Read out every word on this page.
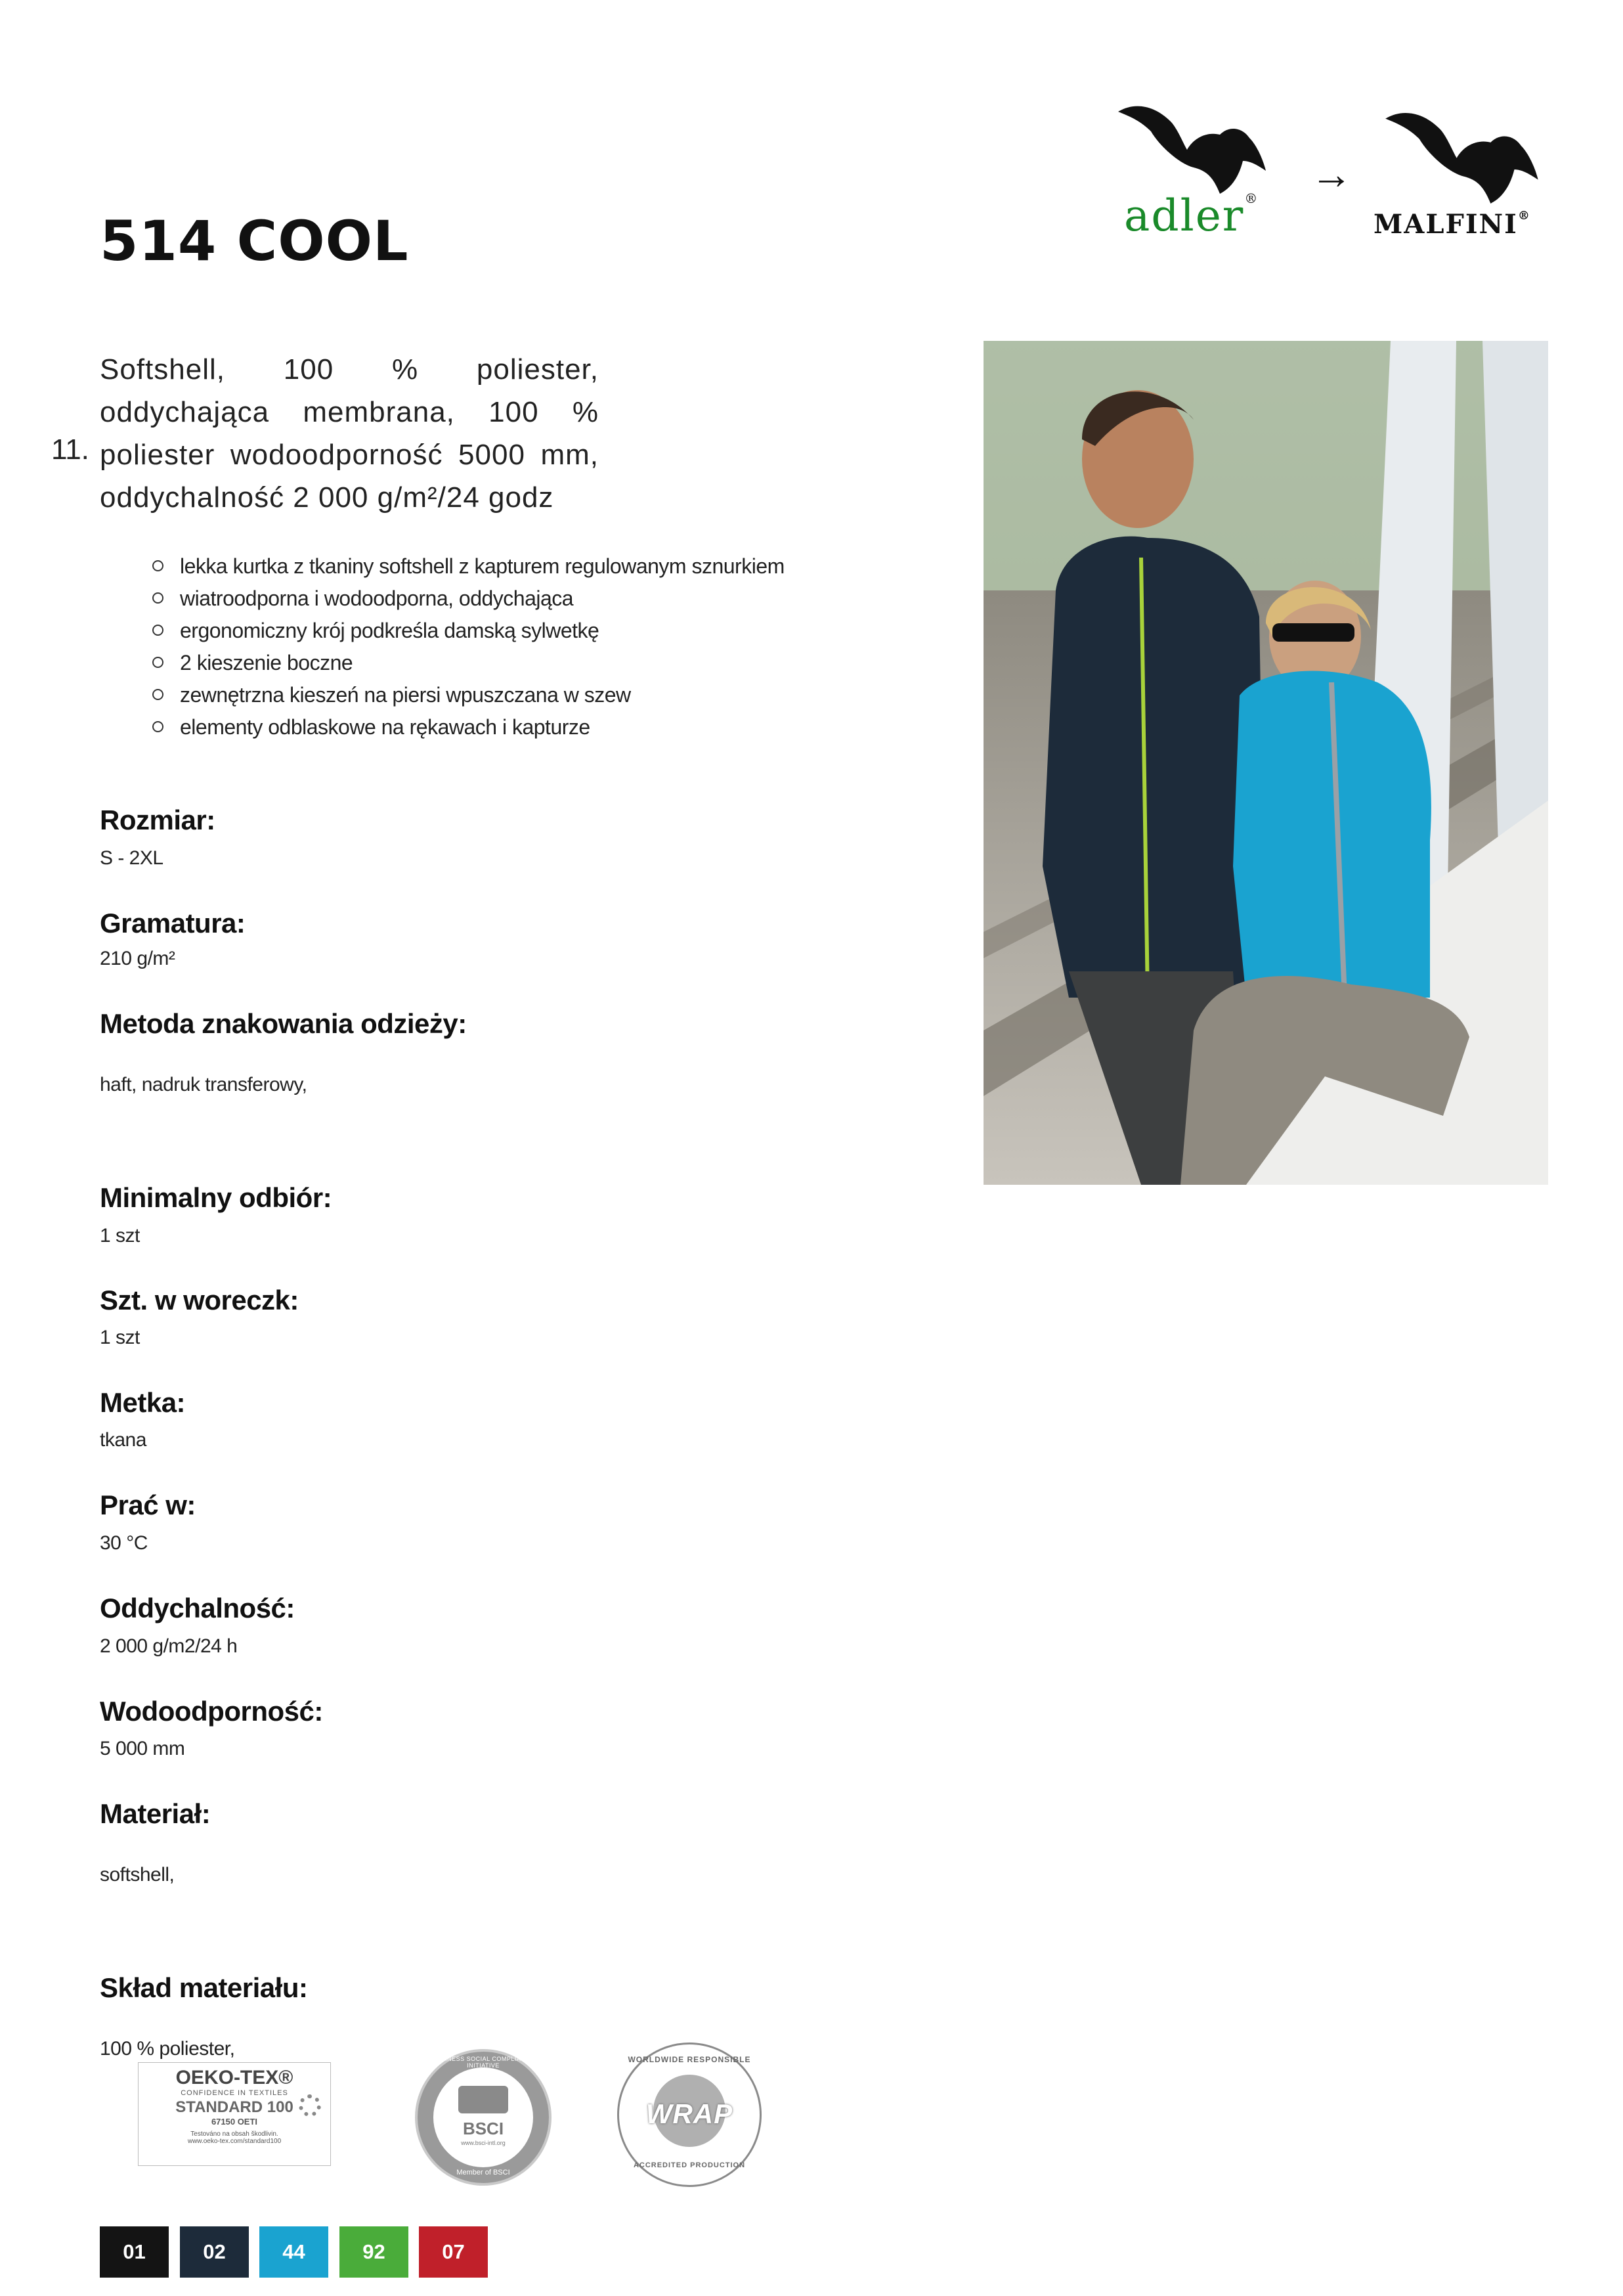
adler®
→
MALFINI®
514 COOL
11.
Softshell, 100 % poliester, oddychająca membrana, 100 % poliester wodoodporność 5000 mm, oddychalność 2 000 g/m²/24 godz
lekka kurtka z tkaniny softshell z kapturem regulowanym sznurkiem
wiatroodporna i wodoodporna, oddychająca
ergonomiczny krój podkreśla damską sylwetkę
2 kieszenie boczne
zewnętrzna kieszeń na piersi wpuszczana w szew
elementy odblaskowe na rękawach i kapturze
Rozmiar:
S - 2XL
Gramatura:
210 g/m²
Metoda znakowania odzieży:
haft, nadruk transferowy,
Minimalny odbiór:
1 szt
Szt. w woreczk:
1 szt
Metka:
tkana
Prać w:
30 °C
Oddychalność:
2 000 g/m2/24 h
Wodoodporność:
5 000 mm
Materiał:
softshell,
Skład materiału:
100 % poliester,
OEKO-TEX®
CONFIDENCE IN TEXTILES
STANDARD 100
67150 OETI
Testováno na obsah škodlivin.
www.oeko-tex.com/standard100
BUSINESS SOCIAL COMPLIANCE INITIATIVE
BSCI
www.bsci-intl.org
Member of BSCI
WORLDWIDE RESPONSIBLE
WRAP
ACCREDITED PRODUCTION
01	02	44	92	07
